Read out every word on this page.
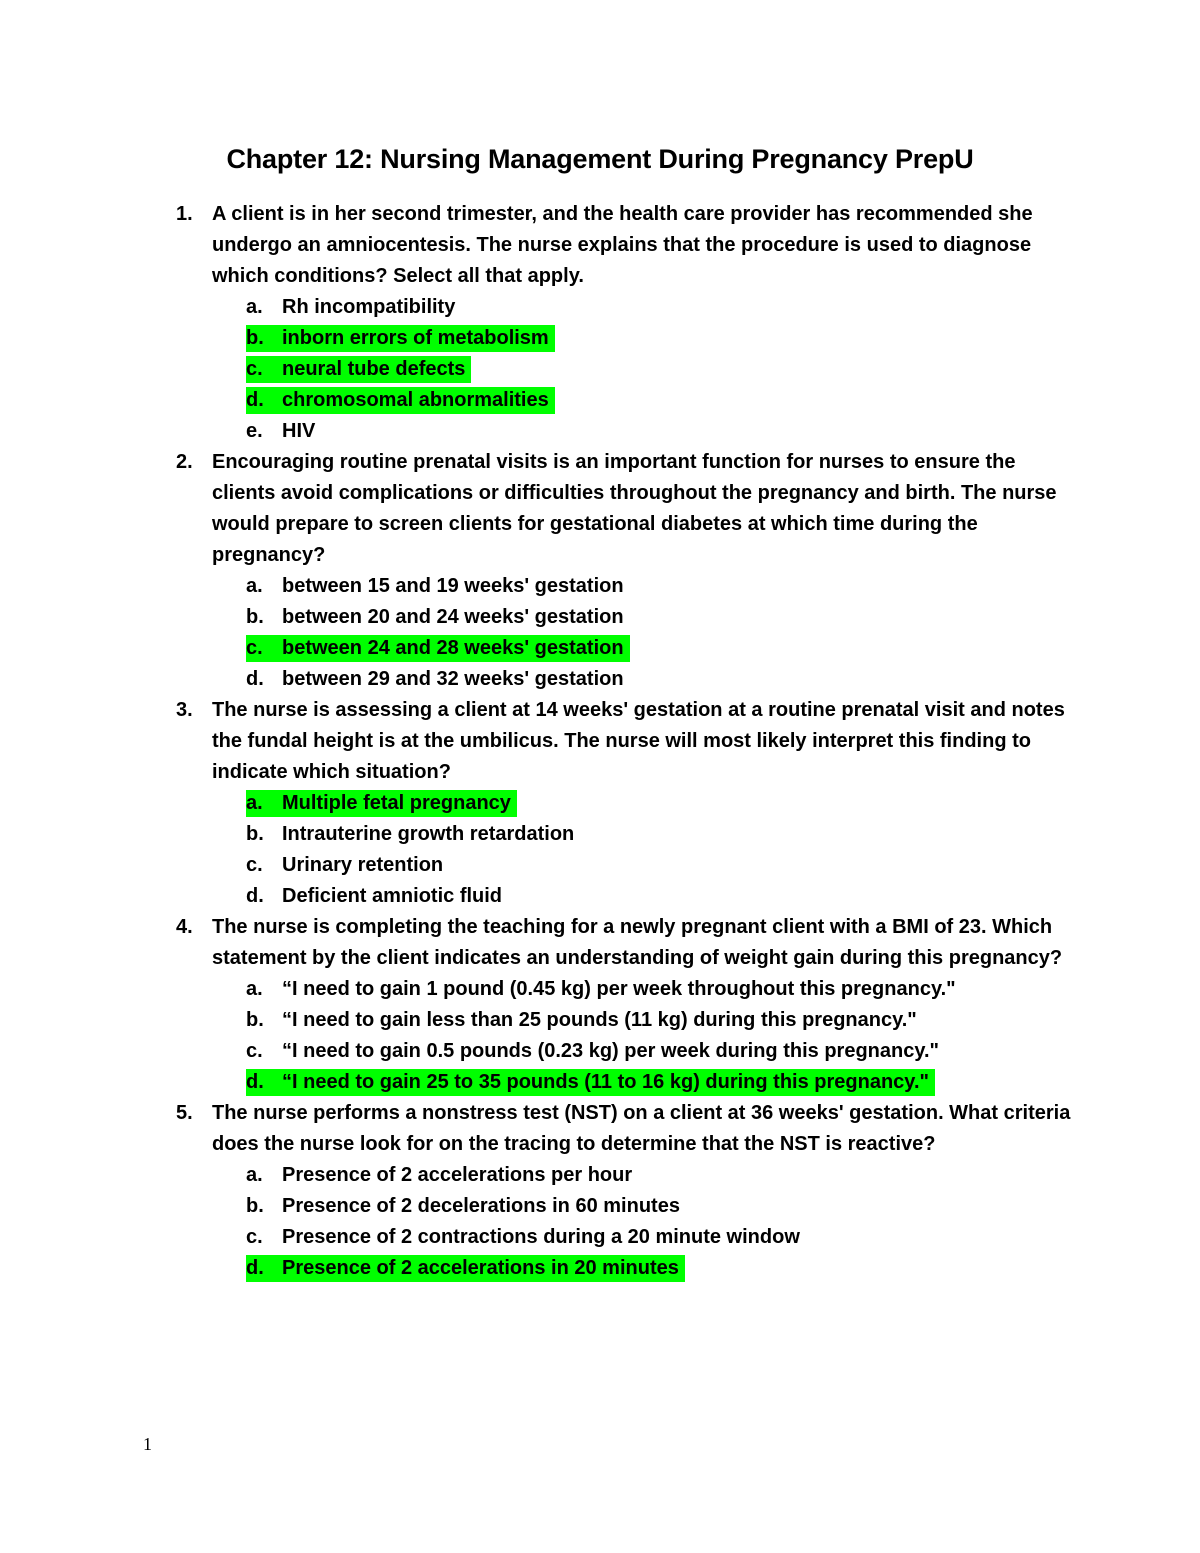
Chapter 12: Nursing Management During Pregnancy PrepU
1. A client is in her second trimester, and the health care provider has recommended she undergo an amniocentesis. The nurse explains that the procedure is used to diagnose which conditions? Select all that apply.
a. Rh incompatibility
b. inborn errors of metabolism
c. neural tube defects
d. chromosomal abnormalities
e. HIV
2. Encouraging routine prenatal visits is an important function for nurses to ensure the clients avoid complications or difficulties throughout the pregnancy and birth. The nurse would prepare to screen clients for gestational diabetes at which time during the pregnancy?
a. between 15 and 19 weeks' gestation
b. between 20 and 24 weeks' gestation
c. between 24 and 28 weeks' gestation
d. between 29 and 32 weeks' gestation
3. The nurse is assessing a client at 14 weeks' gestation at a routine prenatal visit and notes the fundal height is at the umbilicus. The nurse will most likely interpret this finding to indicate which situation?
a. Multiple fetal pregnancy
b. Intrauterine growth retardation
c. Urinary retention
d. Deficient amniotic fluid
4. The nurse is completing the teaching for a newly pregnant client with a BMI of 23. Which statement by the client indicates an understanding of weight gain during this pregnancy?
a. “I need to gain 1 pound (0.45 kg) per week throughout this pregnancy."
b. “I need to gain less than 25 pounds (11 kg) during this pregnancy."
c. “I need to gain 0.5 pounds (0.23 kg) per week during this pregnancy."
d. “I need to gain 25 to 35 pounds (11 to 16 kg) during this pregnancy."
5. The nurse performs a nonstress test (NST) on a client at 36 weeks' gestation. What criteria does the nurse look for on the tracing to determine that the NST is reactive?
a. Presence of 2 accelerations per hour
b. Presence of 2 decelerations in 60 minutes
c. Presence of 2 contractions during a 20 minute window
d. Presence of 2 accelerations in 20 minutes
1
